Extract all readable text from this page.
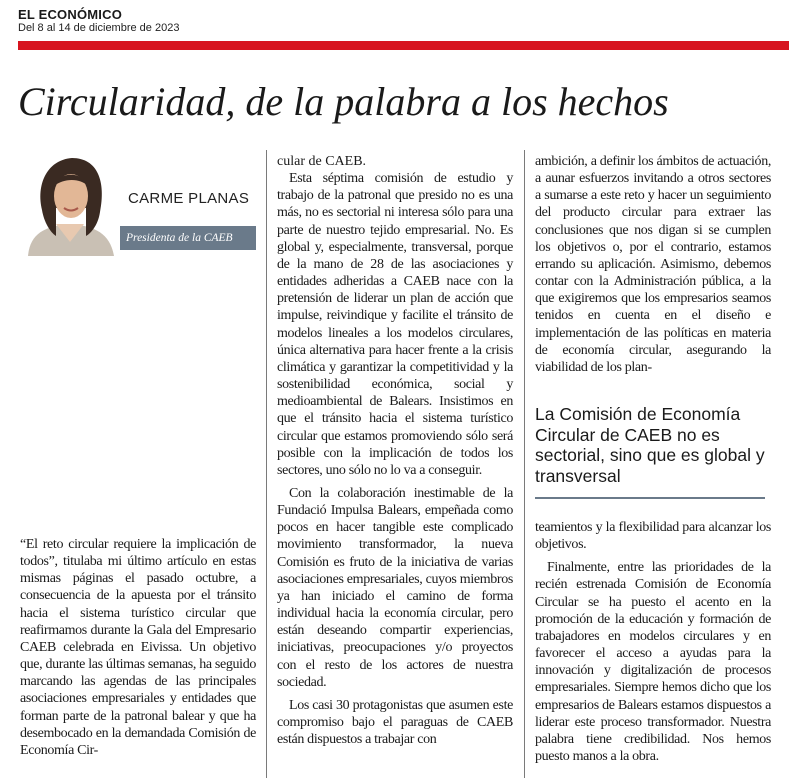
EL ECONÓMICO
Del 8 al 14 de diciembre de 2023
Circularidad, de la palabra a los hechos
CARME PLANAS
Presidenta de la CAEB

“El reto circular requiere la implicación de todos”, titulaba mi último artículo en estas mismas páginas el pasado octubre, a consecuencia de la apuesta por el tránsito hacia el sistema turístico circular que reafirmamos durante la Gala del Empresario CAEB celebrada en Eivissa. Un objetivo que, durante las últimas semanas, ha seguido marcando las agendas de las principales asociaciones empresariales y entidades que forman parte de la patronal balear y que ha desembocado en la demandada Comisión de Economía Cir-

cular de CAEB.

Esta séptima comisión de estudio y trabajo de la patronal que presido no es una más, no es sectorial ni interesa sólo para una parte de nuestro tejido empresarial. No. Es global y, especialmente, transversal, porque de la mano de 28 de las asociaciones y entidades adheridas a CAEB nace con la pretensión de liderar un plan de acción que impulse, reivindique y facilite el tránsito de modelos lineales a los modelos circulares, única alternativa para hacer frente a la crisis climática y garantizar la competitividad y la sostenibilidad económica, social y medioambiental de Balears. Insistimos en que el tránsito hacia el sistema turístico circular que estamos promoviendo sólo será posible con la implicación de todos los sectores, uno sólo no lo va a conseguir.

Con la colaboración inestimable de la Fundació Impulsa Balears, empeñada como pocos en hacer tangible este complicado movimiento transformador, la nueva Comisión es fruto de la iniciativa de varias asociaciones empresariales, cuyos miembros ya han iniciado el camino de forma individual hacia la economía circular, pero están deseando compartir experiencias, iniciativas, preocupaciones y/o proyectos con el resto de los actores de nuestra sociedad.

Los casi 30 protagonistas que asumen este compromiso bajo el paraguas de CAEB están dispuestos a trabajar con

ambición, a definir los ámbitos de actuación, a aunar esfuerzos invitando a otros sectores a sumarse a este reto y hacer un seguimiento del producto circular para extraer las conclusiones que nos digan si se cumplen los objetivos o, por el contrario, estamos errando su aplicación. Asimismo, debemos contar con la Administración pública, a la que exigiremos que los empresarios seamos tenidos en cuenta en el diseño e implementación de las políticas en materia de economía circular, asegurando la viabilidad de los plan-

La Comisión de Economía Circular de CAEB no es sectorial, sino que es global y transversal

teamientos y la flexibilidad para alcanzar los objetivos.

Finalmente, entre las prioridades de la recién estrenada Comisión de Economía Circular se ha puesto el acento en la promoción de la educación y formación de trabajadores en modelos circulares y en favorecer el acceso a ayudas para la innovación y digitalización de procesos empresariales. Siempre hemos dicho que los empresarios de Balears estamos dispuestos a liderar este proceso transformador. Nuestra palabra tiene credibilidad. Nos hemos puesto manos a la obra.
